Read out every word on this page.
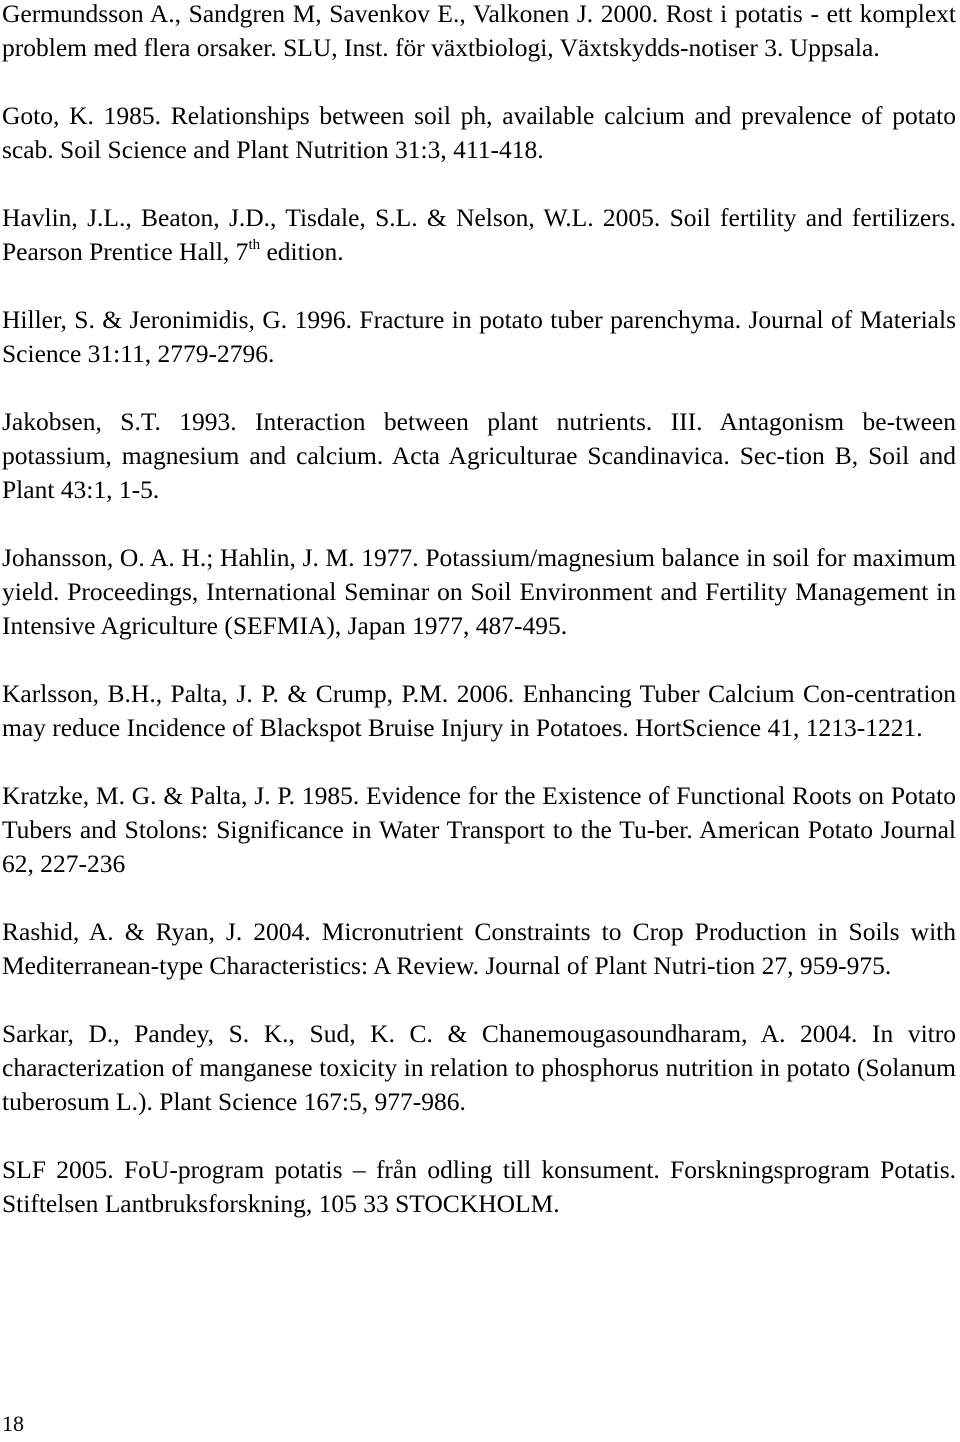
Germundsson A., Sandgren M, Savenkov E., Valkonen J. 2000. Rost i potatis - ett komplext problem med flera orsaker. SLU, Inst. för växtbiologi, Växtskydds-notiser 3. Uppsala.
Goto, K. 1985. Relationships between soil ph, available calcium and prevalence of potato scab. Soil Science and Plant Nutrition 31:3, 411-418.
Havlin, J.L., Beaton, J.D., Tisdale, S.L. & Nelson, W.L. 2005. Soil fertility and fertilizers. Pearson Prentice Hall, 7th edition.
Hiller, S. & Jeronimidis, G. 1996. Fracture in potato tuber parenchyma. Journal of Materials Science 31:11, 2779-2796.
Jakobsen, S.T. 1993. Interaction between plant nutrients. III. Antagonism be-tween potassium, magnesium and calcium. Acta Agriculturae Scandinavica. Sec-tion B, Soil and Plant 43:1, 1-5.
Johansson, O. A. H.; Hahlin, J. M. 1977. Potassium/magnesium balance in soil for maximum yield. Proceedings, International Seminar on Soil Environment and Fertility Management in Intensive Agriculture (SEFMIA), Japan 1977, 487-495.
Karlsson, B.H., Palta, J. P. & Crump, P.M. 2006. Enhancing Tuber Calcium Con-centration may reduce Incidence of Blackspot Bruise Injury in Potatoes. HortScience 41, 1213-1221.
Kratzke, M. G. & Palta, J. P. 1985. Evidence for the Existence of Functional Roots on Potato Tubers and Stolons: Significance in Water Transport to the Tu-ber. American Potato Journal 62, 227-236
Rashid, A. & Ryan, J. 2004. Micronutrient Constraints to Crop Production in Soils with Mediterranean-type Characteristics: A Review. Journal of Plant Nutri-tion 27, 959-975.
Sarkar, D., Pandey, S. K., Sud, K. C. & Chanemougasoundharam, A. 2004. In vitro characterization of manganese toxicity in relation to phosphorus nutrition in potato (Solanum tuberosum L.). Plant Science 167:5, 977-986.
SLF 2005. FoU-program potatis – från odling till konsument. Forskningsprogram Potatis. Stiftelsen Lantbruksforskning, 105 33 STOCKHOLM.
18
